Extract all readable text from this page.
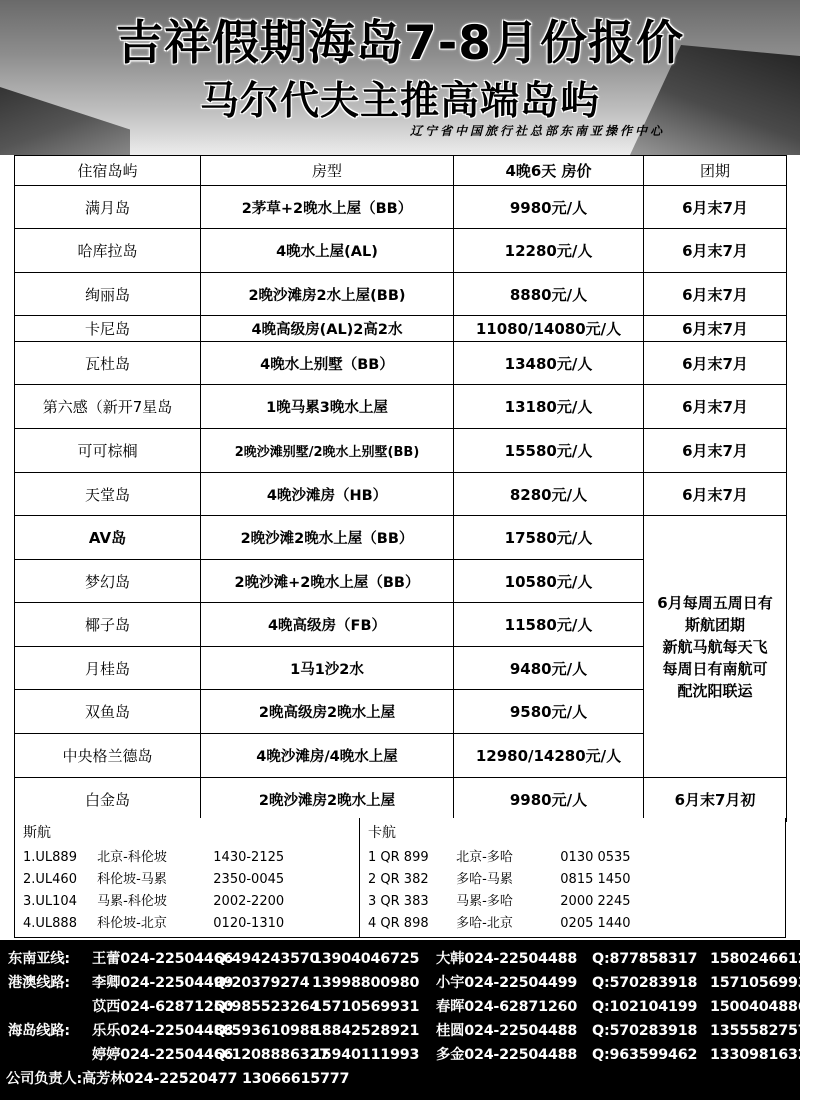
吉祥假期海岛7-8月份报价
马尔代夫主推高端岛屿
辽宁省中国旅行社总部东南亚操作中心
住宿岛屿	房型	4晚6天 房价	团期
满月岛	2茅草+2晚水上屋（BB）	9980元/人	6月末7月
哈库拉岛	4晚水上屋(AL)	12280元/人	6月末7月
绚丽岛	2晚沙滩房2水上屋(BB)	8880元/人	6月末7月
卡尼岛	4晚高级房(AL)2高2水	11080/14080元/人	6月末7月
瓦杜岛	4晚水上别墅（BB）	13480元/人	6月末7月
第六感（新开7星岛	1晚马累3晚水上屋	13180元/人	6月末7月
可可棕榈	2晚沙滩别墅/2晚水上别墅(BB)	15580元/人	6月末7月
天堂岛	4晚沙滩房（HB）	8280元/人	6月末7月
AV岛	2晚沙滩2晚水上屋（BB）	17580元/人	6月每周五周日有
斯航团期
新航马航每天飞
每周日有南航可
配沈阳联运

梦幻岛	2晚沙滩+2晚水上屋（BB）	10580元/人	
椰子岛	4晚高级房（FB）	11580元/人	
月桂岛	1马1沙2水	9480元/人	
双鱼岛	2晚高级房2晚水上屋	9580元/人	
中央格兰德岛	4晚沙滩房/4晚水上屋	12980/14280元/人	
白金岛	2晚沙滩房2晚水上屋	9980元/人	6月末7月初
斯航
1.UL889 北京-科伦坡	1430-2125
2.UL460 科伦坡-马累	2350-0045
3.UL104 马累-科伦坡	2002-2200
4.UL888 科伦坡-北京	0120-1310
卡航
1 QR 899 北京-多哈	0130 0535
2 QR 382 多哈-马累	0815 1450
3 QR 383 马累-多哈	2000 2245
4 QR 898 多哈-北京	0205 1440
东南亚线: 王蕾024-22504466Q:49424357013904046725 大韩024-22504488 Q:877858317 15802466128
港澳线路: 李卿024-22504499Q:20379274 13998800980 小宇024-22504499 Q:570283918 15710569932
苡西024-62871250Q:98552326415710569931 春晖024-62871260 Q:102104199 15004048864
海岛线路: 乐乐024-22504488Q:59361098818842528921 桂圆024-22504488 Q:570283918 13555827575
婷婷024-22504466Q:120888632715940111993 多金024-22504488 Q:963599462 13309816321
公司负责人:高芳林024-22520477 13066615777
